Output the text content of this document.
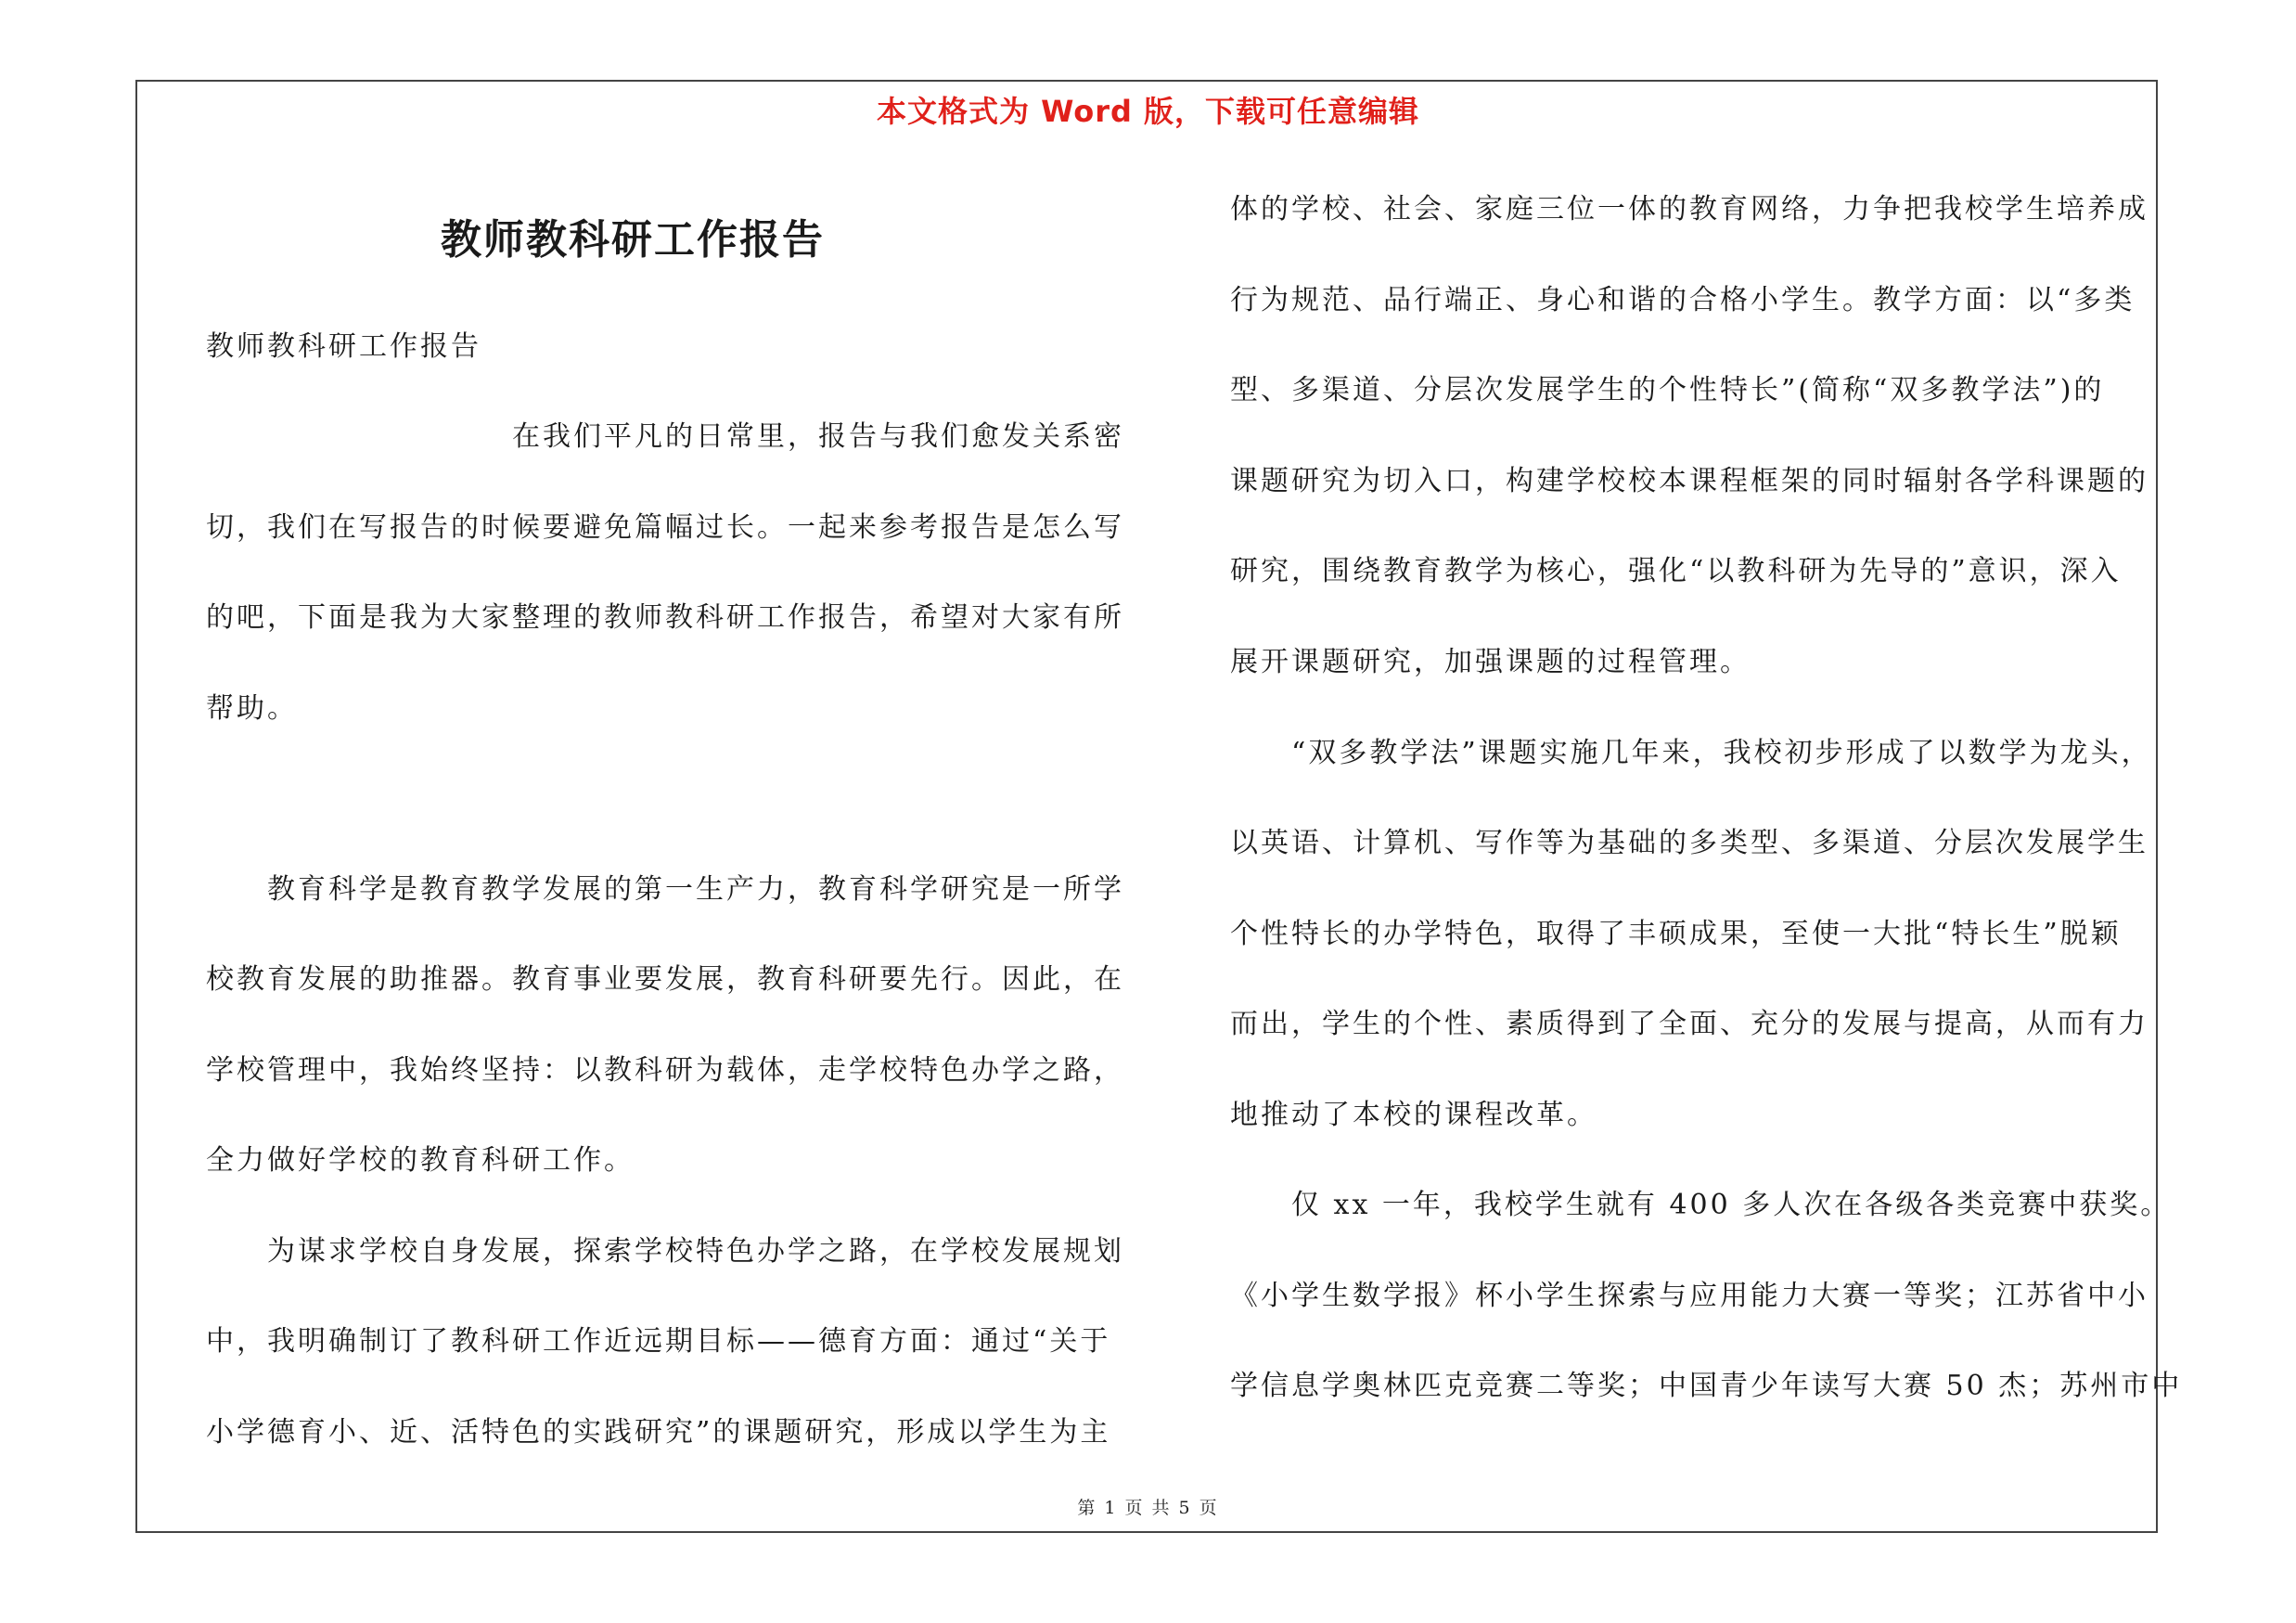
本文格式为 Word 版，下载可任意编辑
教师教科研工作报告
教师教科研工作报告
　　　　　　　　　　在我们平凡的日常里，报告与我们愈发关系密
切，我们在写报告的时候要避免篇幅过长。一起来参考报告是怎么写
的吧，下面是我为大家整理的教师教科研工作报告，希望对大家有所
帮助。
　　教育科学是教育教学发展的第一生产力，教育科学研究是一所学
校教育发展的助推器。教育事业要发展，教育科研要先行。因此，在
学校管理中，我始终坚持：以教科研为载体，走学校特色办学之路，
全力做好学校的教育科研工作。
　　为谋求学校自身发展，探索学校特色办学之路，在学校发展规划
中，我明确制订了教科研工作近远期目标——德育方面：通过“关于
小学德育小、近、活特色的实践研究”的课题研究，形成以学生为主
体的学校、社会、家庭三位一体的教育网络，力争把我校学生培养成
行为规范、品行端正、身心和谐的合格小学生。教学方面：以“多类
型、多渠道、分层次发展学生的个性特长”(简称“双多教学法”)的
课题研究为切入口，构建学校校本课程框架的同时辐射各学科课题的
研究，围绕教育教学为核心，强化“以教科研为先导的”意识，深入
展开课题研究，加强课题的过程管理。
　　“双多教学法”课题实施几年来，我校初步形成了以数学为龙头，
以英语、计算机、写作等为基础的多类型、多渠道、分层次发展学生
个性特长的办学特色，取得了丰硕成果，至使一大批“特长生”脱颖
而出，学生的个性、素质得到了全面、充分的发展与提高，从而有力
地推动了本校的课程改革。
　　仅 xx 一年，我校学生就有 400 多人次在各级各类竞赛中获奖。
《小学生数学报》杯小学生探索与应用能力大赛一等奖；江苏省中小
学信息学奥林匹克竞赛二等奖；中国青少年读写大赛 50 杰；苏州市中
第 1 页 共 5 页
